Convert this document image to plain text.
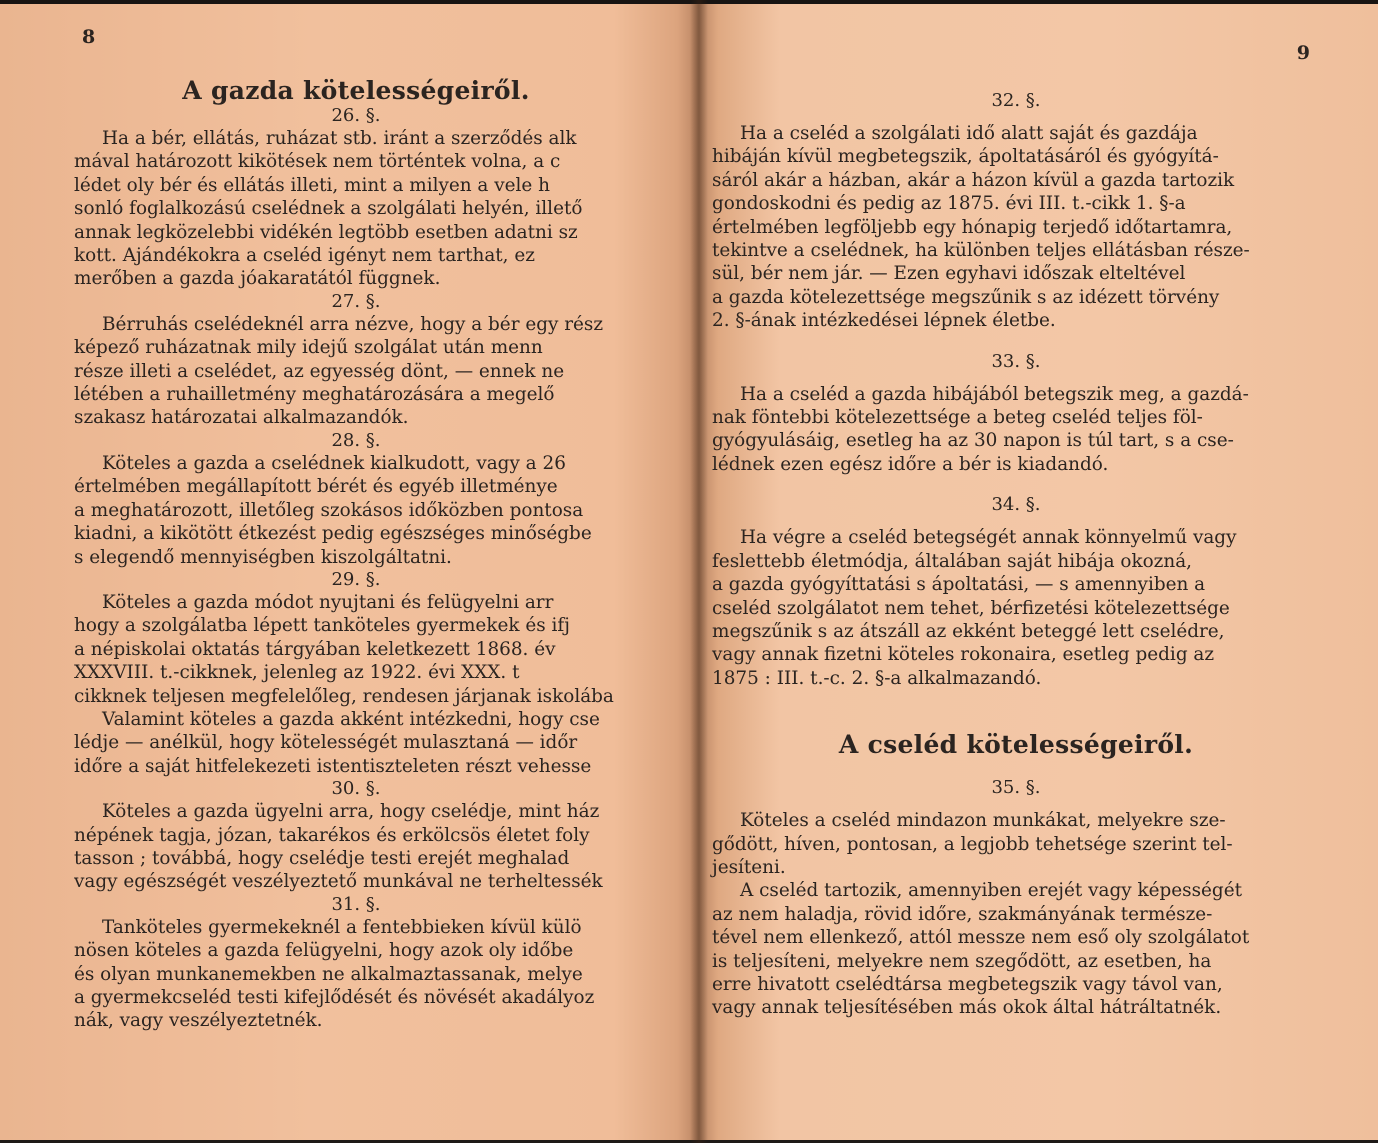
8
A gazda kötelességeiről.
26. §.
Ha a bér, ellátás, ruházat stb. iránt a szerződés alk
mával határozott kikötések nem történtek volna, a c
lédet oly bér és ellátás illeti, mint a milyen a vele h
sonló foglalkozású cselédnek a szolgálati helyén, illető
annak legközelebbi vidékén legtöbb esetben adatni sz
kott. Ajándékokra a cseléd igényt nem tarthat, ez
merőben a gazda jóakaratától függnek.
27. §.
Bérruhás cselédeknél arra nézve, hogy a bér egy rész
képező ruházatnak mily idejű szolgálat után menn
része illeti a cselédet, az egyesség dönt, — ennek ne
létében a ruhailletmény meghatározására a megelő
szakasz határozatai alkalmazandók.
28. §.
Köteles a gazda a cselédnek kialkudott, vagy a 26
értelmében megállapított bérét és egyéb illetménye
a meghatározott, illetőleg szokásos időközben pontosa
kiadni, a kikötött étkezést pedig egészséges minőségbe
s elegendő mennyiségben kiszolgáltatni.
29. §.
Köteles a gazda módot nyujtani és felügyelni arr
hogy a szolgálatba lépett tanköteles gyermekek és ifj
a népiskolai oktatás tárgyában keletkezett 1868. év
XXXVIII. t.-cikknek, jelenleg az 1922. évi XXX. t
cikknek teljesen megfelelőleg, rendesen járjanak iskolába
Valamint köteles a gazda akként intézkedni, hogy cse
lédje — anélkül, hogy kötelességét mulasztaná — időr
időre a saját hitfelekezeti istentiszteleten részt vehesse
30. §.
Köteles a gazda ügyelni arra, hogy cselédje, mint ház
népének tagja, józan, takarékos és erkölcsös életet foly
tasson ; továbbá, hogy cselédje testi erejét meghalad
vagy egészségét veszélyeztető munkával ne terheltessék
31. §.
Tanköteles gyermekeknél a fentebbieken kívül külö
nösen köteles a gazda felügyelni, hogy azok oly időbe
és olyan munkanemekben ne alkalmaztassanak, melye
a gyermekcseléd testi kifejlődését és növését akadályoz
nák, vagy veszélyeztetnék.
9
32. §.
Ha a cseléd a szolgálati idő alatt saját és gazdája
hibáján kívül megbetegszik, ápoltatásáról és gyógyítá-
sáról akár a házban, akár a házon kívül a gazda tartozik
gondoskodni és pedig az 1875. évi III. t.-cikk 1. §-a
értelmében legföljebb egy hónapig terjedő időtartamra,
tekintve a cselédnek, ha különben teljes ellátásban része-
sül, bér nem jár. — Ezen egyhavi időszak elteltével
a gazda kötelezettsége megszűnik s az idézett törvény
2. §-ának intézkedései lépnek életbe.
33. §.
Ha a cseléd a gazda hibájából betegszik meg, a gazdá-
nak föntebbi kötelezettsége a beteg cseléd teljes föl-
gyógyulásáig, esetleg ha az 30 napon is túl tart, s a cse-
lédnek ezen egész időre a bér is kiadandó.
34. §.
Ha végre a cseléd betegségét annak könnyelmű vagy
feslettebb életmódja, általában saját hibája okozná,
a gazda gyógyíttatási s ápoltatási, — s amennyiben a
cseléd szolgálatot nem tehet, bérfizetési kötelezettsége
megszűnik s az átszáll az ekként beteggé lett cselédre,
vagy annak fizetni köteles rokonaira, esetleg pedig az
1875 : III. t.-c. 2. §-a alkalmazandó.
A cseléd kötelességeiről.
35. §.
Köteles a cseléd mindazon munkákat, melyekre sze-
gődött, híven, pontosan, a legjobb tehetsége szerint tel-
jesíteni.
A cseléd tartozik, amennyiben erejét vagy képességét
az nem haladja, rövid időre, szakmányának természe-
tével nem ellenkező, attól messze nem eső oly szolgálatot
is teljesíteni, melyekre nem szegődött, az esetben, ha
erre hivatott cselédtársa megbetegszik vagy távol van,
vagy annak teljesítésében más okok által hátráltatnék.
